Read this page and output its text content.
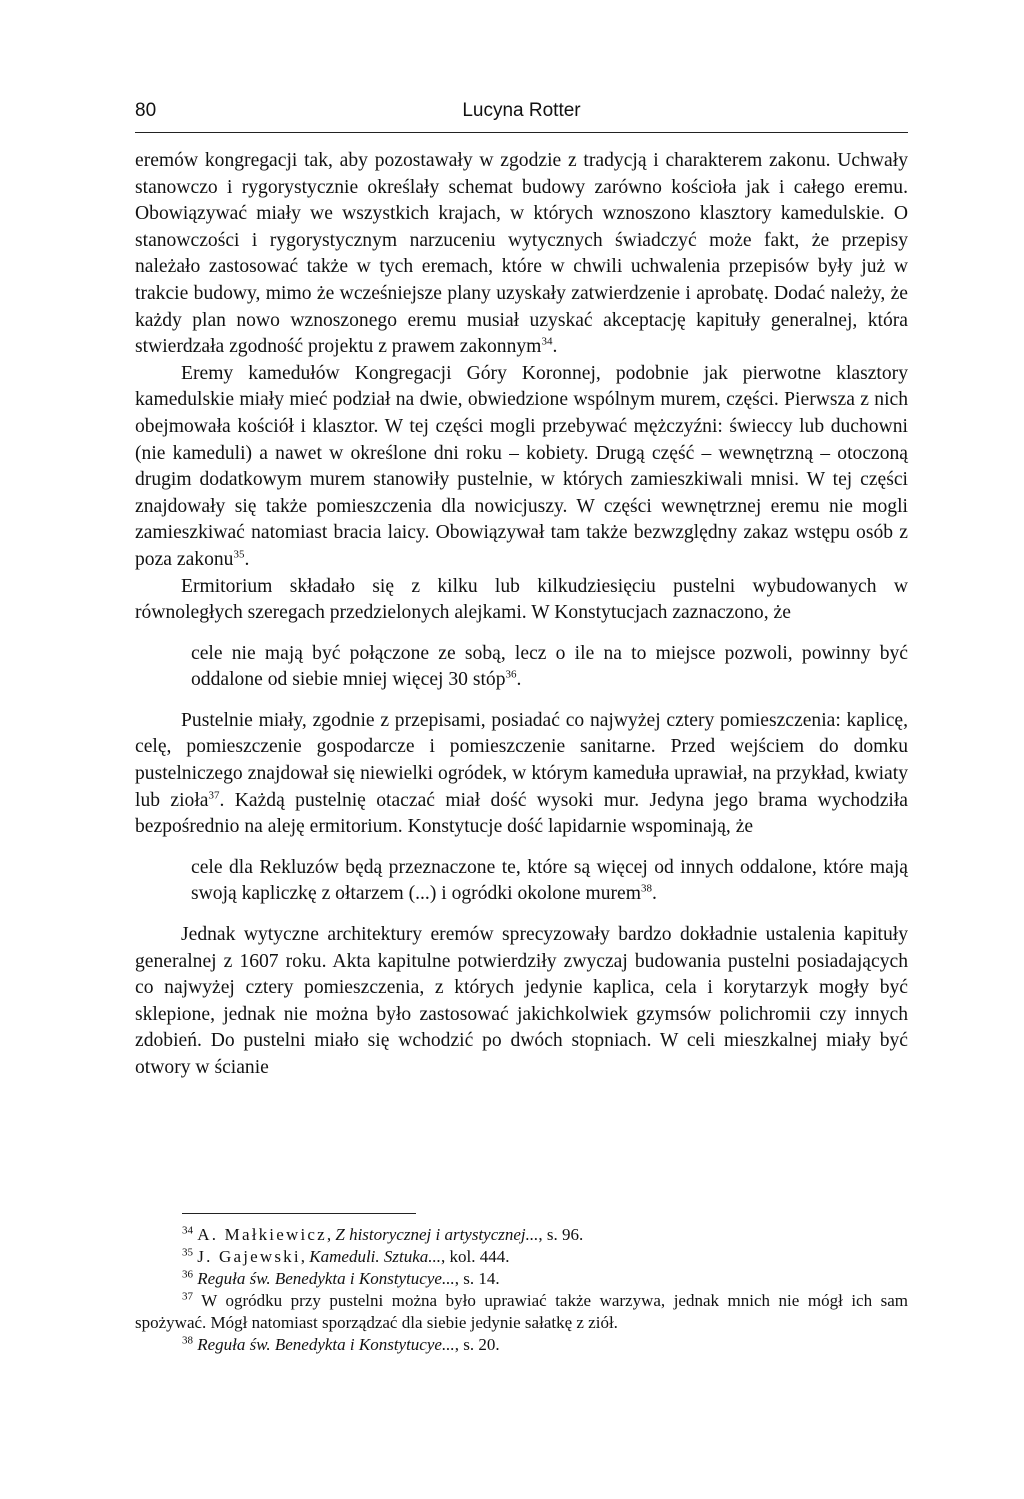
80	Lucyna Rotter

eremów kongregacji tak, aby pozostawały w zgodzie z tradycją i charakterem zakonu. Uchwały stanowczo i rygorystycznie określały schemat budowy zarówno kościoła jak i całego eremu. Obowiązywać miały we wszystkich krajach, w których wznoszono klasztory kamedulskie. O stanowczości i rygorystycznym narzuceniu wytycznych świadczyć może fakt, że przepisy należało zastosować także w tych eremach, które w chwili uchwalenia przepisów były już w trakcie budowy, mimo że wcześniejsze plany uzyskały zatwierdzenie i aprobatę. Dodać należy, że każdy plan nowo wznoszonego eremu musiał uzyskać akceptację kapituły generalnej, która stwierdzała zgodność projektu z prawem zakonnym$^{34}$.

Eremy kamedułów Kongregacji Góry Koronnej, podobnie jak pierwotne klasztory kamedulskie miały mieć podział na dwie, obwiedzione wspólnym murem, części. Pierwsza z nich obejmowała kościół i klasztor. W tej części mogli przebywać mężczyźni: świeccy lub duchowni (nie kameduli) a nawet w określone dni roku – kobiety. Drugą część – wewnętrzną – otoczoną drugim dodatkowym murem stanowiły pustelnie, w których zamieszkiwali mnisi. W tej części znajdowały się także pomieszczenia dla nowicjuszy. W części wewnętrznej eremu nie mogli zamieszkiwać natomiast bracia laicy. Obowiązywał tam także bezwzględny zakaz wstępu osób z poza zakonu$^{35}$.

Ermitorium składało się z kilku lub kilkudziesięciu pustelni wybudowanych w równoległych szeregach przedzielonych alejkami. W Konstytucjach zaznaczono, że

cele nie mają być połączone ze sobą, lecz o ile na to miejsce pozwoli, powinny być oddalone od siebie mniej więcej 30 stóp$^{36}$.

Pustelnie miały, zgodnie z przepisami, posiadać co najwyżej cztery pomieszczenia: kaplicę, celę, pomieszczenie gospodarcze i pomieszczenie sanitarne. Przed wejściem do domku pustelniczego znajdował się niewielki ogródek, w którym kameduła uprawiał, na przykład, kwiaty lub zioła$^{37}$. Każdą pustelnię otaczać miał dość wysoki mur. Jedyna jego brama wychodziła bezpośrednio na aleję ermitorium. Konstytucje dość lapidarnie wspominają, że

cele dla Rekluzów będą przeznaczone te, które są więcej od innych oddalone, które mają swoją kapliczkę z ołtarzem (...) i ogródki okolone murem$^{38}$.

Jednak wytyczne architektury eremów sprecyzowały bardzo dokładnie ustalenia kapituły generalnej z 1607 roku. Akta kapitulne potwierdziły zwyczaj budowania pustelni posiadających co najwyżej cztery pomieszczenia, z których jedynie kaplica, cela i korytarzyk mogły być sklepione, jednak nie można było zastosować jakichkolwiek gzymsów polichromii czy innych zdobień. Do pustelni miało się wchodzić po dwóch stopniach. W celi mieszkalnej miały być otwory w ścianie

$^{34}$ A. Małkiewicz, Z historycznej i artystycznej..., s. 96.

$^{35}$ J. Gajewski, Kameduli. Sztuka..., kol. 444.

$^{36}$ Reguła św. Benedykta i Konstytucye..., s. 14.

$^{37}$ W ogródku przy pustelni można było uprawiać także warzywa, jednak mnich nie mógł ich sam spożywać. Mógł natomiast sporządzać dla siebie jedynie sałatkę z ziół.

$^{38}$ Reguła św. Benedykta i Konstytucye..., s. 20.
